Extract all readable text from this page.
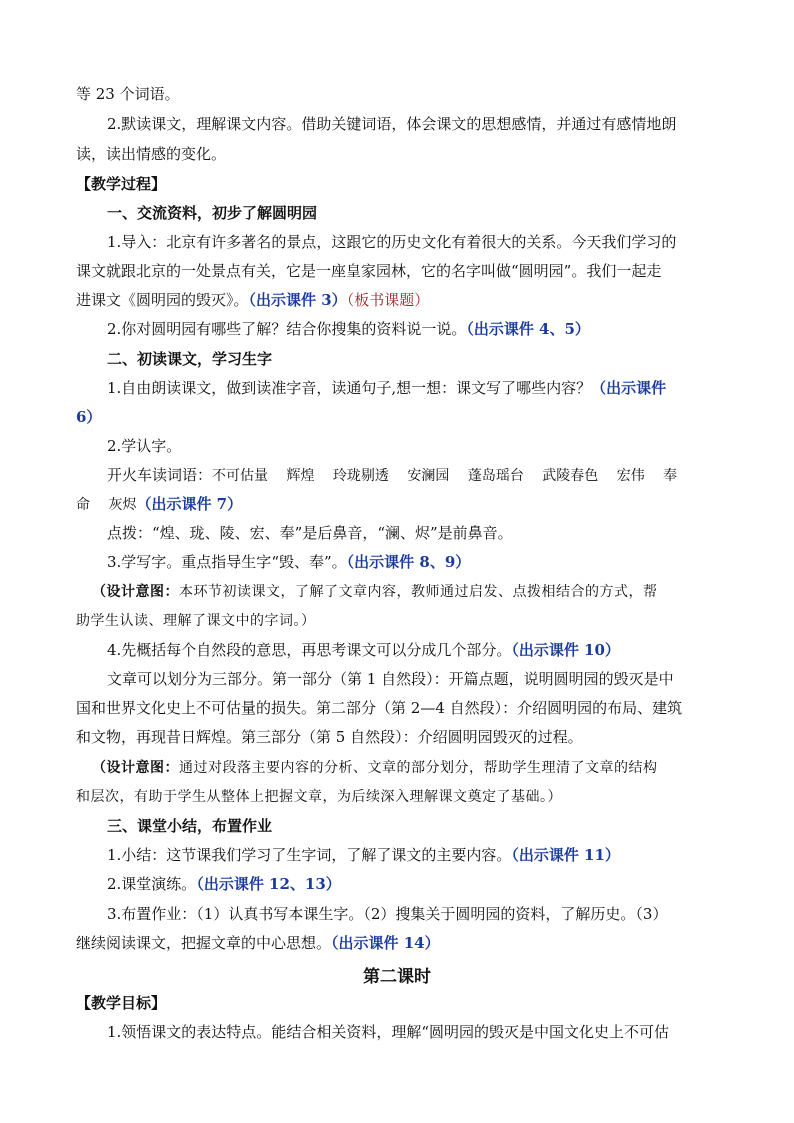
等 23 个词语。
2.默读课文，理解课文内容。借助关键词语，体会课文的思想感情，并通过有感情地朗
读，读出情感的变化。
【教学过程】
一、交流资料，初步了解圆明园
1.导入：北京有许多著名的景点，这跟它的历史文化有着很大的关系。今天我们学习的
课文就跟北京的一处景点有关，它是一座皇家园林，它的名字叫做“圆明园”。我们一起走
进课文《圆明园的毁灭》。（出示课件 3）（板书课题）
2.你对圆明园有哪些了解？结合你搜集的资料说一说。（出示课件 4、5）
二、初读课文，学习生字
1.自由朗读课文，做到读准字音，读通句子,想一想：课文写了哪些内容？（出示课件
6）
2.学认字。
开火车读词语：不可估量　 辉煌　 玲珑剔透　 安澜园　 蓬岛瑶台　 武陵春色　 宏伟　 奉
命　 灰烬（出示课件 7）
点拨：“煌、珑、陵、宏、奉”是后鼻音，“澜、烬”是前鼻音。
3.学写字。重点指导生字“毁、奉”。（出示课件 8、9）
（设计意图：本环节初读课文，了解了文章内容，教师通过启发、点拨相结合的方式，帮
助学生认读、理解了课文中的字词。）
4.先概括每个自然段的意思，再思考课文可以分成几个部分。（出示课件 10）
文章可以划分为三部分。第一部分（第 1 自然段）：开篇点题，说明圆明园的毁灭是中
国和世界文化史上不可估量的损失。第二部分（第 2—4 自然段）：介绍圆明园的布局、建筑
和文物，再现昔日辉煌。第三部分（第 5 自然段）：介绍圆明园毁灭的过程。
（设计意图：通过对段落主要内容的分析、文章的部分划分，帮助学生理清了文章的结构
和层次，有助于学生从整体上把握文章，为后续深入理解课文奠定了基础。）
三、课堂小结，布置作业
1.小结：这节课我们学习了生字词，了解了课文的主要内容。（出示课件 11）
2.课堂演练。（出示课件 12、13）
3.布置作业：（1）认真书写本课生字。（2）搜集关于圆明园的资料，了解历史。（3）
继续阅读课文，把握文章的中心思想。（出示课件 14）
第二课时
【教学目标】
1.领悟课文的表达特点。能结合相关资料，理解“圆明园的毁灭是中国文化史上不可估
